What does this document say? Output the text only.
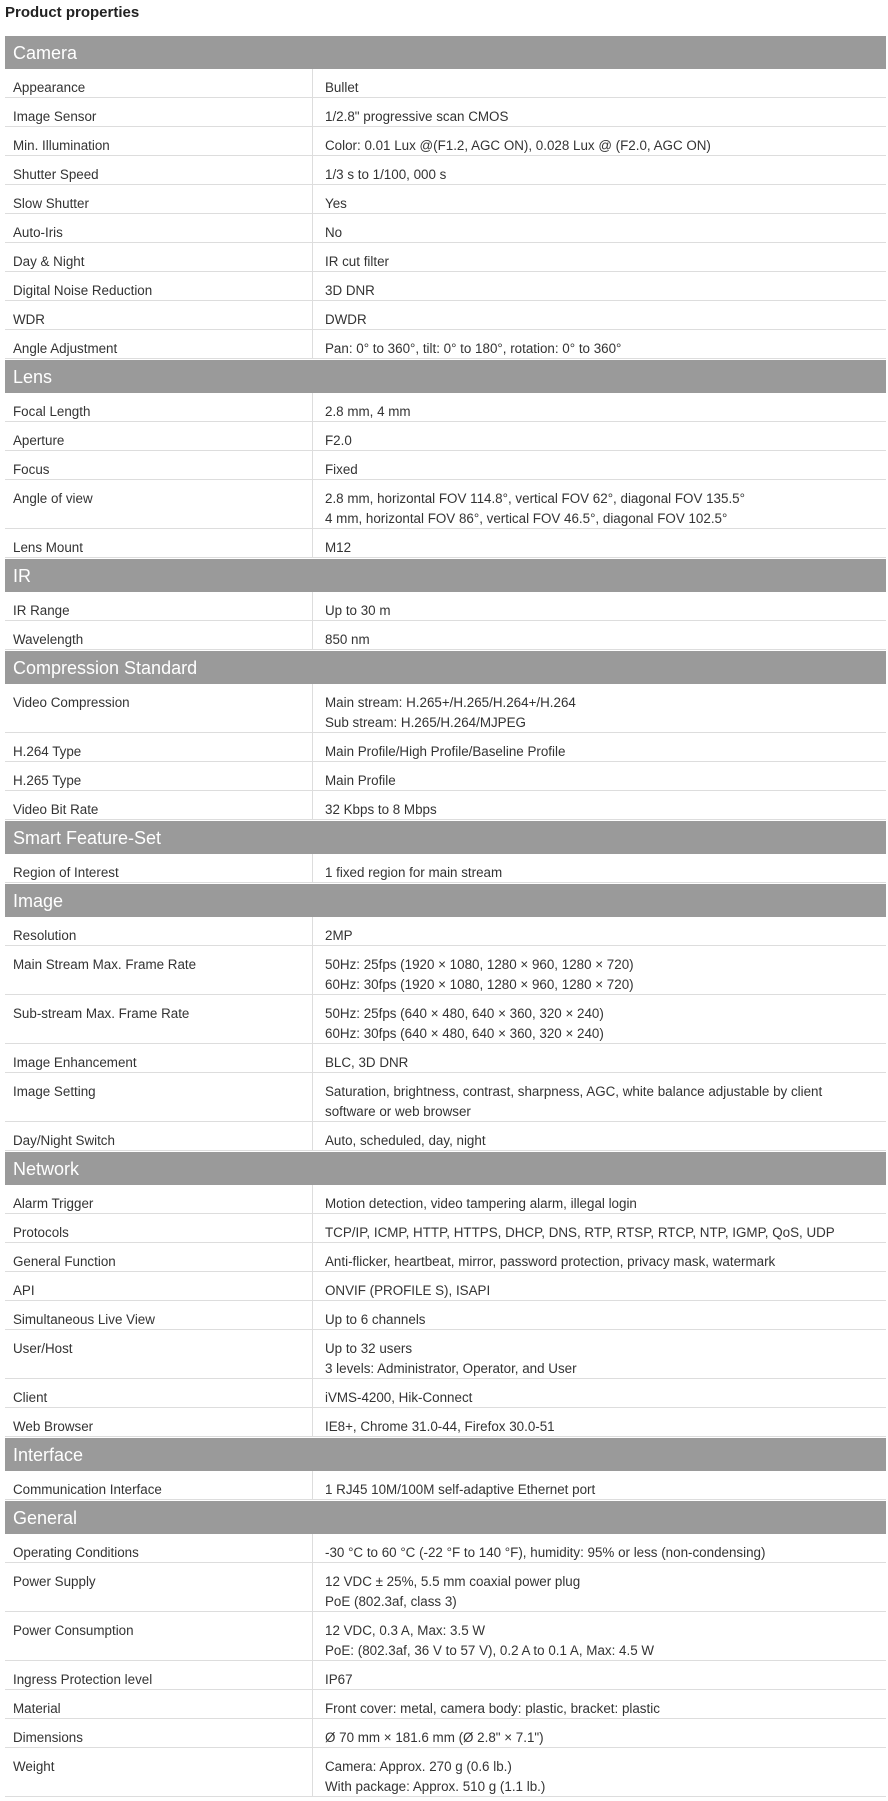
Product properties
Camera
Appearance	Bullet
Image Sensor	1/2.8" progressive scan CMOS
Min. Illumination	Color: 0.01 Lux @(F1.2, AGC ON), 0.028 Lux @ (F2.0, AGC ON)
Shutter Speed	1/3 s to 1/100, 000 s
Slow Shutter	Yes
Auto-Iris	No
Day & Night	IR cut filter
Digital Noise Reduction	3D DNR
WDR	DWDR
Angle Adjustment	Pan: 0° to 360°, tilt: 0° to 180°, rotation: 0° to 360°
Lens
Focal Length	2.8 mm, 4 mm
Aperture	F2.0
Focus	Fixed
Angle of view	2.8 mm, horizontal FOV 114.8°, vertical FOV 62°, diagonal FOV 135.5°
4 mm, horizontal FOV 86°, vertical FOV 46.5°, diagonal FOV 102.5°
Lens Mount	M12
IR
IR Range	Up to 30 m
Wavelength	850 nm
Compression Standard
Video Compression	Main stream: H.265+/H.265/H.264+/H.264
Sub stream: H.265/H.264/MJPEG
H.264 Type	Main Profile/High Profile/Baseline Profile
H.265 Type	Main Profile
Video Bit Rate	32 Kbps to 8 Mbps
Smart Feature-Set
Region of Interest	1 fixed region for main stream
Image
Resolution	2MP
Main Stream Max. Frame Rate	50Hz: 25fps (1920 × 1080, 1280 × 960, 1280 × 720)
60Hz: 30fps (1920 × 1080, 1280 × 960, 1280 × 720)
Sub-stream Max. Frame Rate	50Hz: 25fps (640 × 480, 640 × 360, 320 × 240)
60Hz: 30fps (640 × 480, 640 × 360, 320 × 240)
Image Enhancement	BLC, 3D DNR
Image Setting	Saturation, brightness, contrast, sharpness, AGC, white balance adjustable by client
software or web browser
Day/Night Switch	Auto, scheduled, day, night
Network
Alarm Trigger	Motion detection, video tampering alarm, illegal login
Protocols	TCP/IP, ICMP, HTTP, HTTPS, DHCP, DNS, RTP, RTSP, RTCP, NTP, IGMP, QoS, UDP
General Function	Anti-flicker, heartbeat, mirror, password protection, privacy mask, watermark
API	ONVIF (PROFILE S), ISAPI
Simultaneous Live View	Up to 6 channels
User/Host	Up to 32 users
3 levels: Administrator, Operator, and User
Client	iVMS-4200, Hik-Connect
Web Browser	IE8+, Chrome 31.0-44, Firefox 30.0-51
Interface
Communication Interface	1 RJ45 10M/100M self-adaptive Ethernet port
General
Operating Conditions	-30 °C to 60 °C (-22 °F to 140 °F), humidity: 95% or less (non-condensing)
Power Supply	12 VDC ± 25%, 5.5 mm coaxial power plug
PoE (802.3af, class 3)
Power Consumption	12 VDC, 0.3 A, Max: 3.5 W
PoE: (802.3af, 36 V to 57 V), 0.2 A to 0.1 A, Max: 4.5 W
Ingress Protection level	IP67
Material	Front cover: metal, camera body: plastic, bracket: plastic
Dimensions	Ø 70 mm × 181.6 mm (Ø 2.8" × 7.1")
Weight	Camera: Approx. 270 g (0.6 lb.)
With package: Approx. 510 g (1.1 lb.)
